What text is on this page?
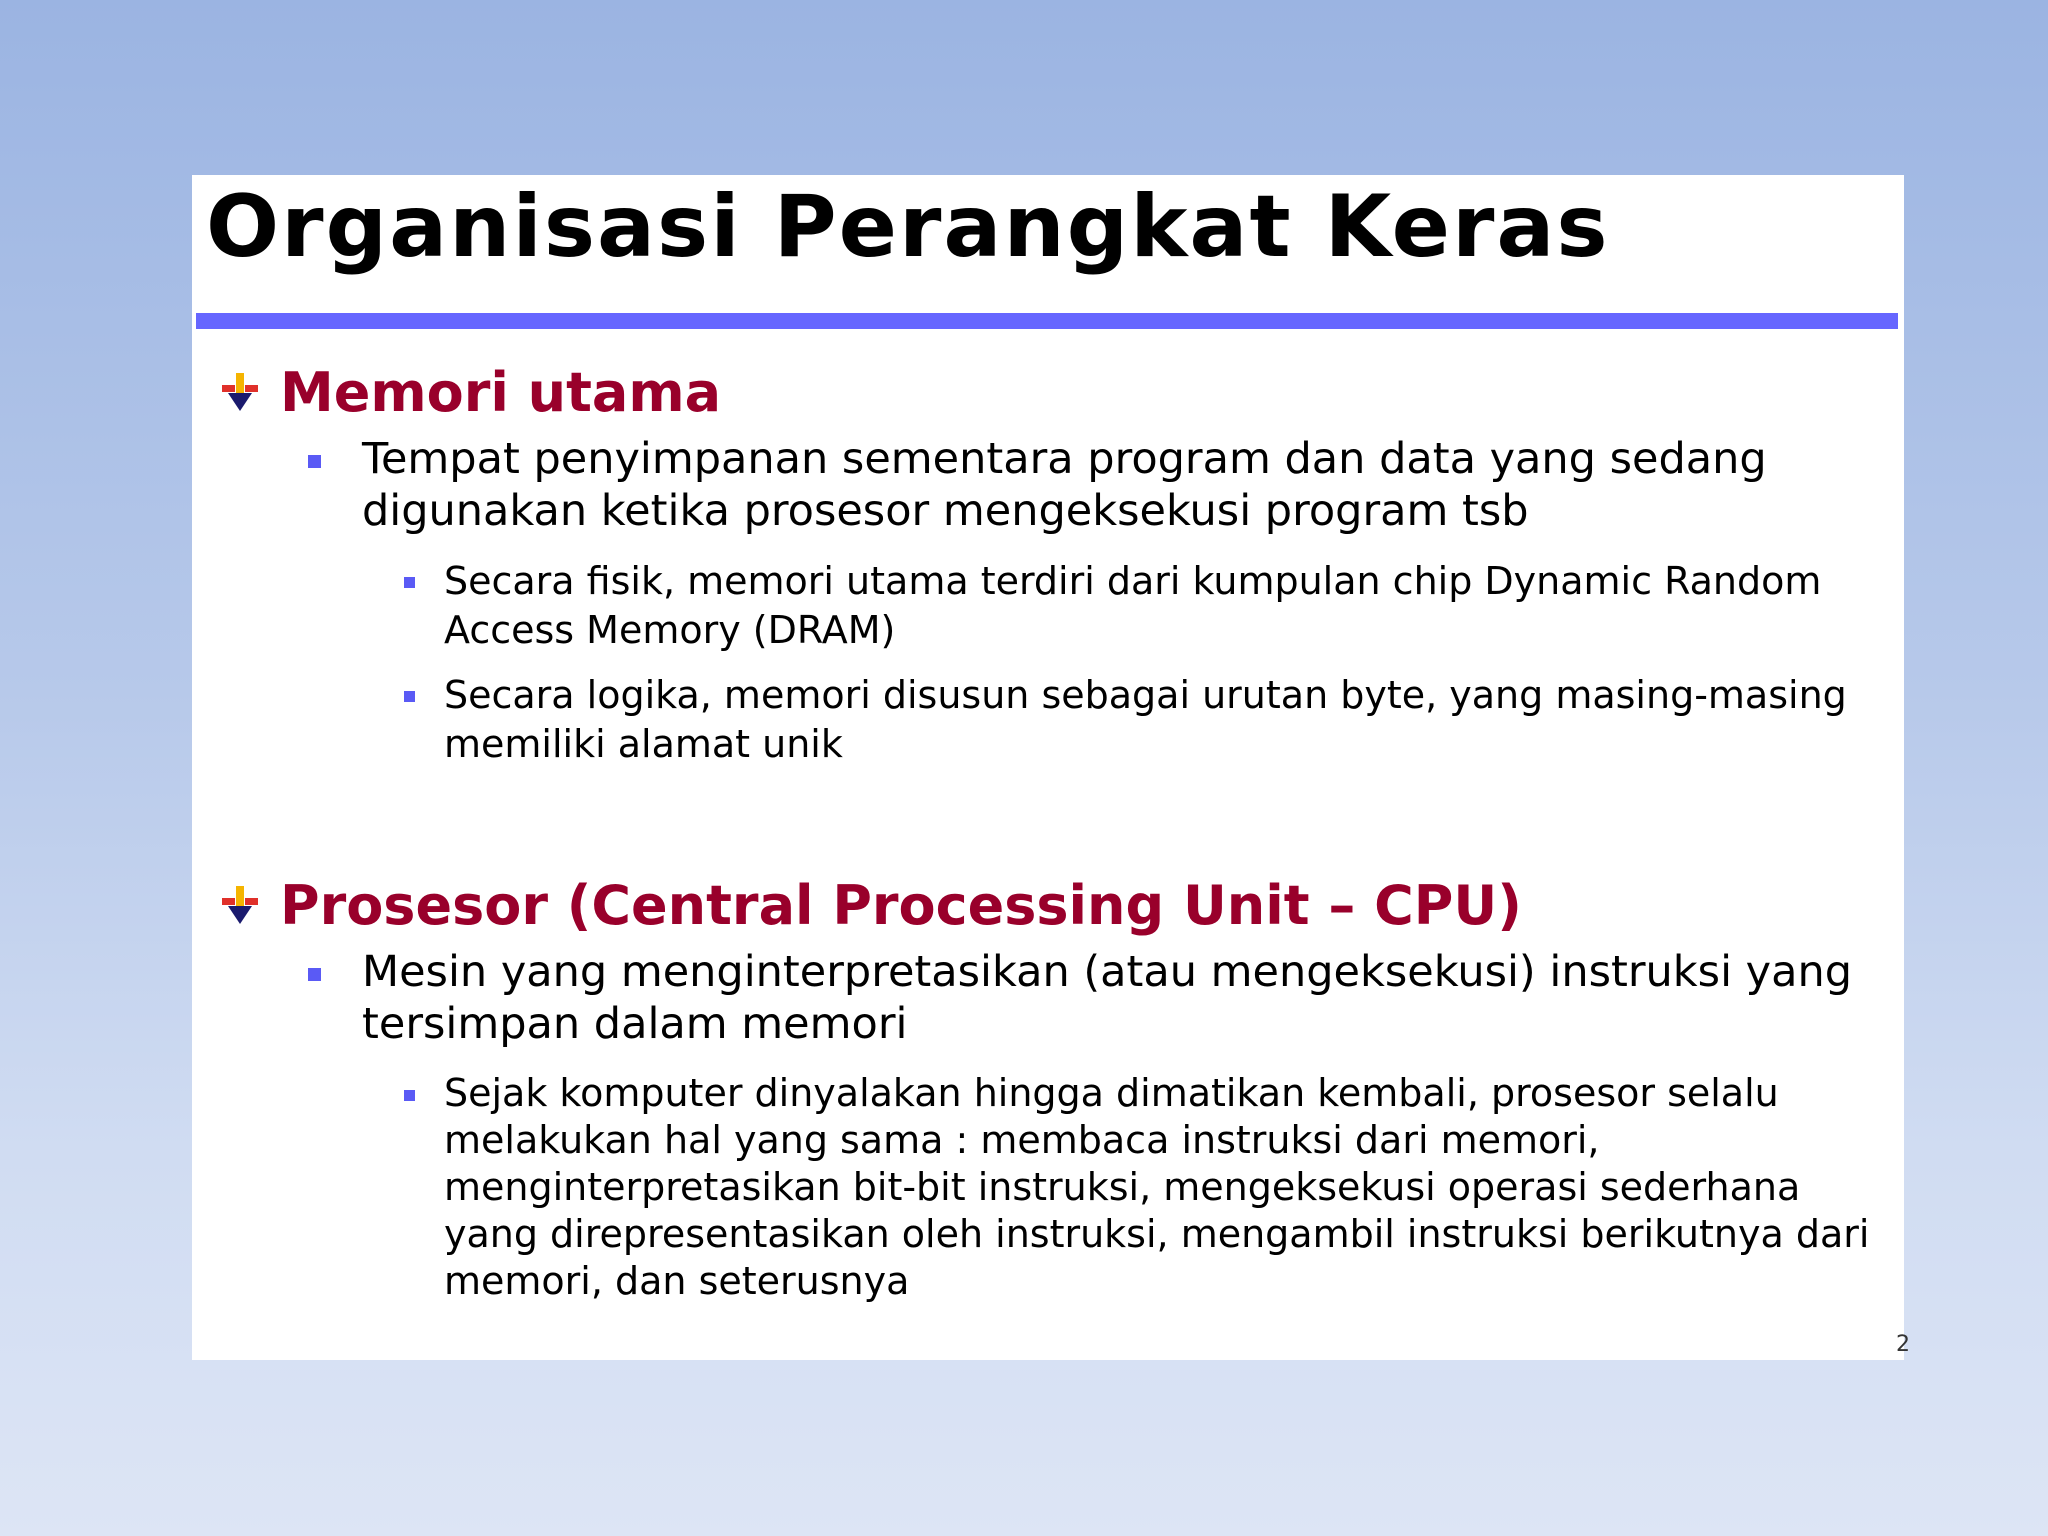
Organisasi Perangkat Keras
Memori utama
Tempat penyimpanan sementara program dan data yang sedang digunakan ketika prosesor mengeksekusi program tsb
Secara fisik, memori utama terdiri dari kumpulan chip Dynamic Random Access Memory (DRAM)
Secara logika, memori disusun sebagai urutan byte, yang masing-masing memiliki alamat unik
Prosesor (Central Processing Unit – CPU)
Mesin yang menginterpretasikan (atau mengeksekusi) instruksi yang tersimpan dalam memori
Sejak komputer dinyalakan hingga dimatikan kembali, prosesor selalu melakukan hal yang sama : membaca instruksi dari memori, menginterpretasikan bit-bit instruksi, mengeksekusi operasi sederhana yang direpresentasikan oleh instruksi, mengambil instruksi berikutnya dari memori, dan seterusnya
2
